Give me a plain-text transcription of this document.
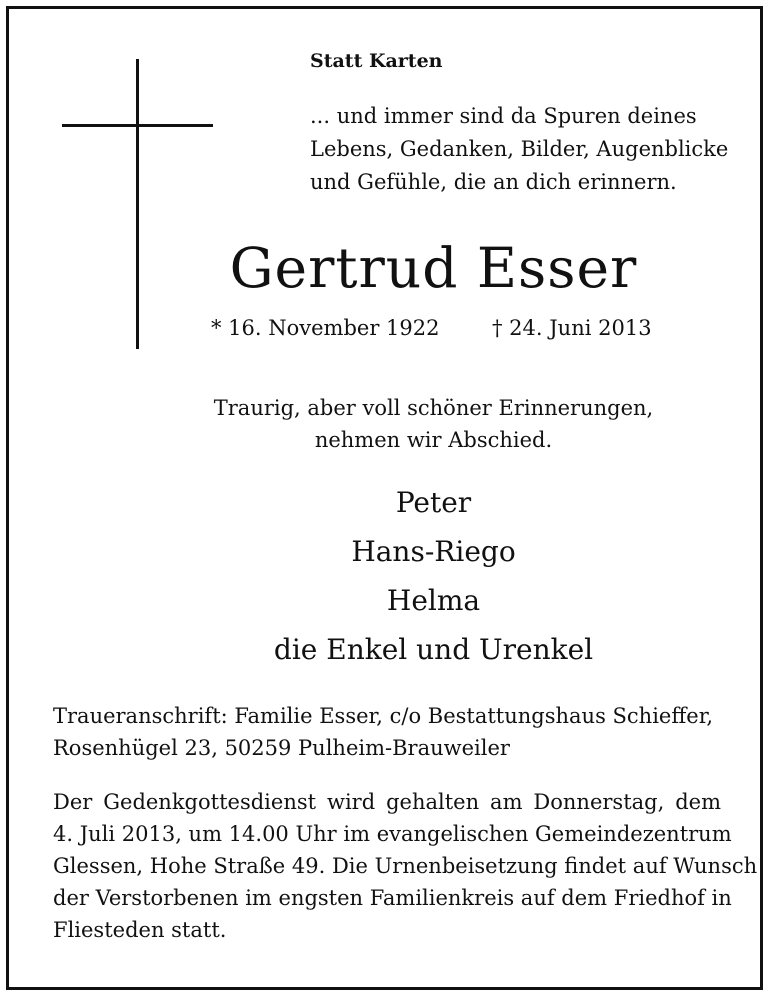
Statt Karten
... und immer sind da Spuren deines
Lebens, Gedanken, Bilder, Augenblicke
und Gefühle, die an dich erinnern.
Gertrud Esser
* 16. November 1922	† 24. Juni 2013
Traurig, aber voll schöner Erinnerungen,
nehmen wir Abschied.
Peter
Hans-Riego
Helma
die Enkel und Urenkel
Traueranschrift: Familie Esser, c/o Bestattungshaus Schieffer,
Rosenhügel 23, 50259 Pulheim-Brauweiler
Der Gedenkgottesdienst wird gehalten am Donnerstag, dem
4. Juli 2013, um 14.00 Uhr im evangelischen Gemeindezentrum
Glessen, Hohe Straße 49. Die Urnenbeisetzung findet auf Wunsch
der Verstorbenen im engsten Familienkreis auf dem Friedhof in
Fliesteden statt.
